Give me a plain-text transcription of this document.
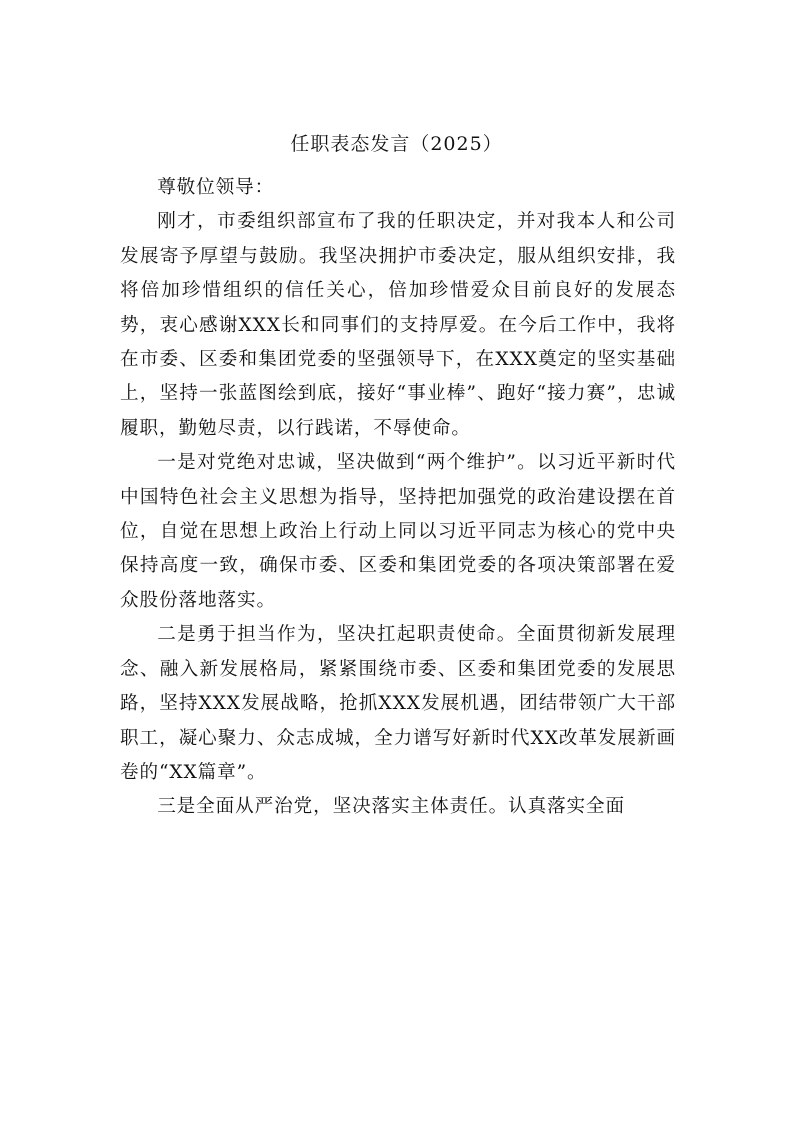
任职表态发言（2025）

尊敬位领导：

刚才，市委组织部宣布了我的任职决定，并对我本人和公司发展寄予厚望与鼓励。我坚决拥护市委决定，服从组织安排，我将倍加珍惜组织的信任关心，倍加珍惜爱众目前良好的发展态势，衷心感谢XXX长和同事们的支持厚爱。在今后工作中，我将在市委、区委和集团党委的坚强领导下，在XXX奠定的坚实基础上，坚持一张蓝图绘到底，接好“事业棒”、跑好“接力赛”，忠诚履职，勤勉尽责，以行践诺，不辱使命。

一是对党绝对忠诚，坚决做到“两个维护”。以习近平新时代中国特色社会主义思想为指导，坚持把加强党的政治建设摆在首位，自觉在思想上政治上行动上同以习近平同志为核心的党中央保持高度一致，确保市委、区委和集团党委的各项决策部署在爱众股份落地落实。

二是勇于担当作为，坚决扛起职责使命。全面贯彻新发展理念、融入新发展格局，紧紧围绕市委、区委和集团党委的发展思路，坚持XXX发展战略，抢抓XXX发展机遇，团结带领广大干部职工，凝心聚力、众志成城，全力谱写好新时代XX改革发展新画卷的“XX篇章”。

三是全面从严治党，坚决落实主体责任。认真落实全面
